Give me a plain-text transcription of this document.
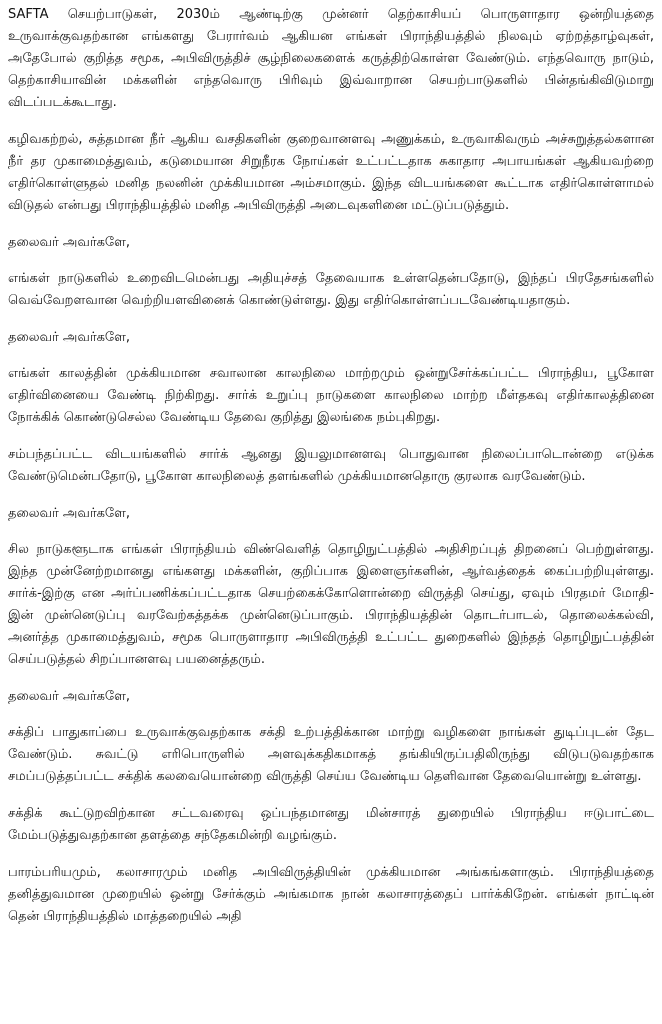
SAFTA செயற்பாடுகள், 2030ம் ஆண்டிற்கு முன்னர் தெற்காசியப் பொருளாதார ஒன்றியத்தை உருவாக்குவதற்கான எங்களது பேரார்வம் ஆகியன எங்கள் பிராந்தியத்தில் நிலவும் ஏற்றத்தாழ்வுகள், அதேபோல் குறித்த சமூக, அபிவிருத்திச் சூழ்நிலைகளைக் கருத்திற்கொள்ள வேண்டும். எந்தவொரு நாடும், தெற்காசியாவின் மக்களின் எந்தவொரு பிரிவும் இவ்வாறான செயற்பாடுகளில் பின்தங்கிவிடுமாறு விடப்படக்கூடாது.

கழிவகற்றல், சுத்தமான நீர் ஆகிய வசதிகளின் குறைவானளவு அணுக்கம், உருவாகிவரும் அச்சுறுத்தல்களான நீர் தர முகாமைத்துவம், கடுமையான சிறுநீரக நோய்கள் உட்பட்டதாக சுகாதார அபாயங்கள் ஆகியவற்றை எதிர்கொள்ளுதல் மனித நலனின் முக்கியமான அம்சமாகும். இந்த விடயங்களை கூட்டாக எதிர்கொள்ளாமல் விடுதல் என்பது பிராந்தியத்தில் மனித அபிவிருத்தி அடைவுகளினை மட்டுப்படுத்தும்.

தலைவர் அவர்களே,

எங்கள் நாடுகளில் உறைவிடமென்பது அதியுச்சத் தேவையாக உள்ளதென்பதோடு, இந்தப் பிரதேசங்களில் வெவ்வேறளவான வெற்றியளவினைக் கொண்டுள்ளது. இது எதிர்கொள்ளப்படவேண்டியதாகும்.

தலைவர் அவர்களே,

எங்கள் காலத்தின் முக்கியமான சவாலான காலநிலை மாற்றமும் ஒன்றுசேர்க்கப்பட்ட பிராந்திய, பூகோள எதிர்வினையை வேண்டி நிற்கிறது. சார்க் உறுப்பு நாடுகளை காலநிலை மாற்ற மீள்தகவு எதிர்காலத்தினை நோக்கிக் கொண்டுசெல்ல வேண்டிய தேவை குறித்து இலங்கை நம்புகிறது.

சம்பந்தப்பட்ட விடயங்களில் சார்க் ஆனது இயலுமானளவு பொதுவான நிலைப்பாடொன்றை எடுக்க வேண்டுமென்பதோடு, பூகோள காலநிலைத் தளங்களில் முக்கியமானதொரு குரலாக வரவேண்டும்.

தலைவர் அவர்களே,

சில நாடுகளூடாக எங்கள் பிராந்தியம் விண்வெளித் தொழிநுட்பத்தில் அதிசிறப்புத் திறனைப் பெற்றுள்ளது. இந்த முன்னேற்றமானது எங்களது மக்களின், குறிப்பாக இளைஞர்களின், ஆர்வத்தைக் கைப்பற்றியுள்ளது. சார்க்-இற்கு என அர்ப்பணிக்கப்பட்டதாக செயற்கைக்கோளொன்றை விருத்தி செய்து, ஏவும் பிரதமர் மோதி-இன் முன்னெடுப்பு வரவேற்கத்தக்க முன்னெடுப்பாகும். பிராந்தியத்தின் தொடர்பாடல், தொலைக்கல்வி, அனர்த்த முகாமைத்துவம், சமூக பொருளாதார அபிவிருத்தி உட்பட்ட துறைகளில் இந்தத் தொழிநுட்பத்தின் செய்படுத்தல் சிறப்பானளவு பயனைத்தரும்.

தலைவர் அவர்களே,

சக்திப் பாதுகாப்பை உருவாக்குவதற்காக சக்தி உற்பத்திக்கான மாற்று வழிகளை நாங்கள் துடிப்புடன் தேட வேண்டும். சுவட்டு எரிபொருளில் அளவுக்கதிகமாகத் தங்கியிருப்பதிலிருந்து விடுபடுவதற்காக சமப்படுத்தப்பட்ட சக்திக் கலவையொன்றை விருத்தி செய்ய வேண்டிய தெளிவான தேவையொன்று உள்ளது.

சக்திக் கூட்டுறவிற்கான சட்டவரைவு ஒப்பந்தமானது மின்சாரத் துறையில் பிராந்திய ஈடுபாட்டை மேம்படுத்துவதற்கான தளத்தை சந்தேகமின்றி வழங்கும்.

பாரம்பரியமும், கலாசாரமும் மனித அபிவிருத்தியின் முக்கியமான அங்கங்களாகும். பிராந்தியத்தை தனித்துவமான முறையில் ஒன்று சேர்க்கும் அங்கமாக நான் கலாசாரத்தைப் பார்க்கிறேன். எங்கள் நாட்டின் தென் பிராந்தியத்தில் மாத்தறையில் அதி
